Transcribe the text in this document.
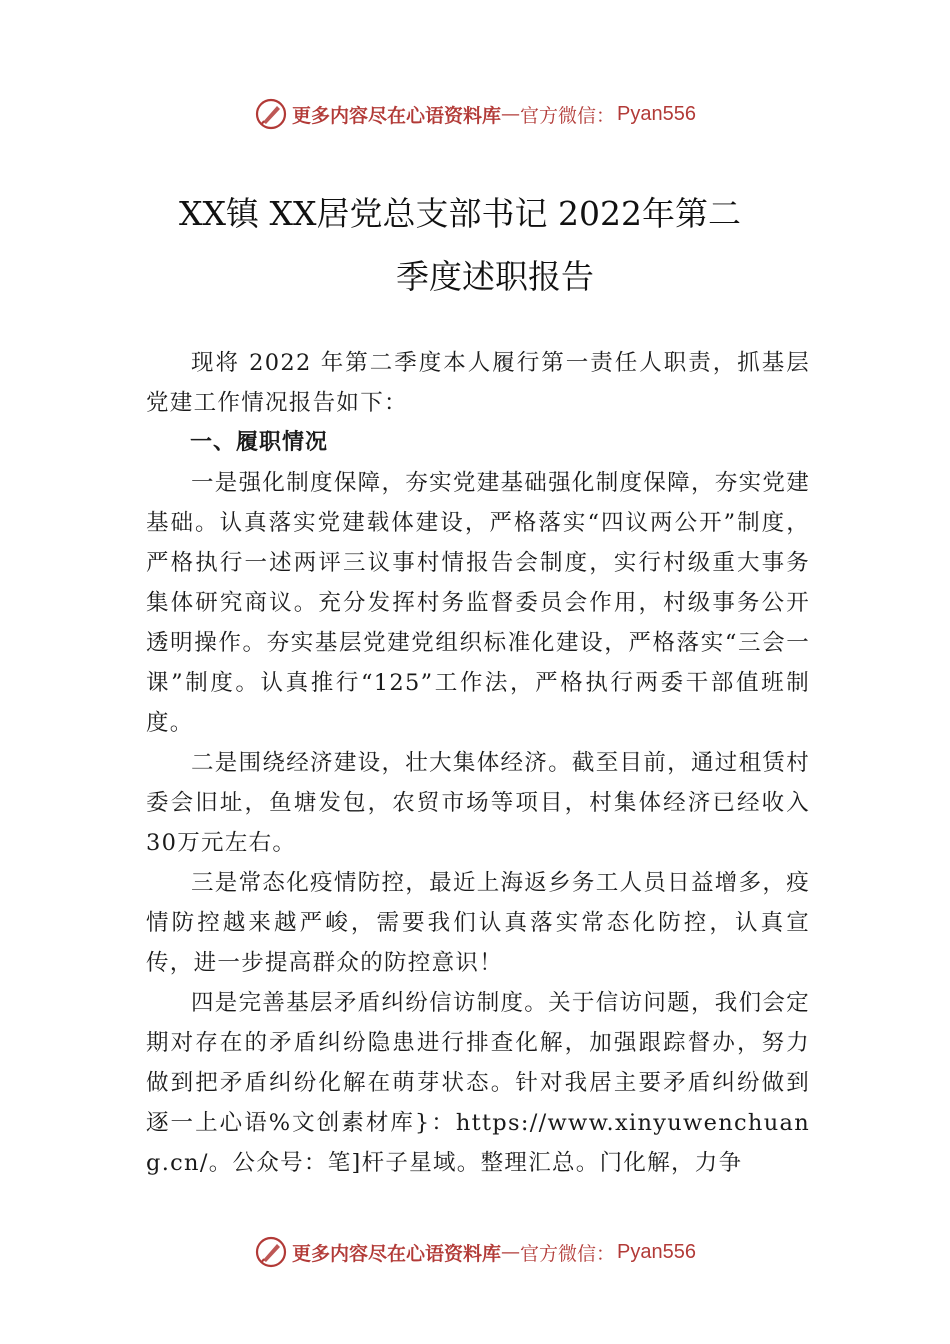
更多内容尽在心语资料库 — 官方微信： Pyan556
XX镇 XX居党总支部书记 2022年第二
季度述职报告

现将 2022 年第二季度本人履行第一责任人职责，抓基层党建工作情况报告如下：

一、履职情况

一是强化制度保障，夯实党建基础强化制度保障，夯实党建基础。认真落实党建载体建设，严格落实“四议两公开”制度，严格执行一述两评三议事村情报告会制度，实行村级重大事务集体研究商议。充分发挥村务监督委员会作用，村级事务公开透明操作。夯实基层党建党组织标准化建设，严格落实“三会一课”制度。认真推行“125”工作法，严格执行两委干部值班制度。

二是围绕经济建设，壮大集体经济。截至目前，通过租赁村委会旧址，鱼塘发包，农贸市场等项目，村集体经济已经收入 30万元左右。

三是常态化疫情防控，最近上海返乡务工人员日益增多，疫情防控越来越严峻，需要我们认真落实常态化防控，认真宣传，进一步提高群众的防控意识！

四是完善基层矛盾纠纷信访制度。关于信访问题，我们会定期对存在的矛盾纠纷隐患进行排查化解，加强跟踪督办，努力做到把矛盾纠纷化解在萌芽状态。针对我居主要矛盾纠纷做到逐一上心语%文创素材库}：https://www.xinyuwenchuang.cn/。公众号：笔]杆子星域。整理汇总。门化解，力争

更多内容尽在心语资料库 — 官方微信： Pyan556
